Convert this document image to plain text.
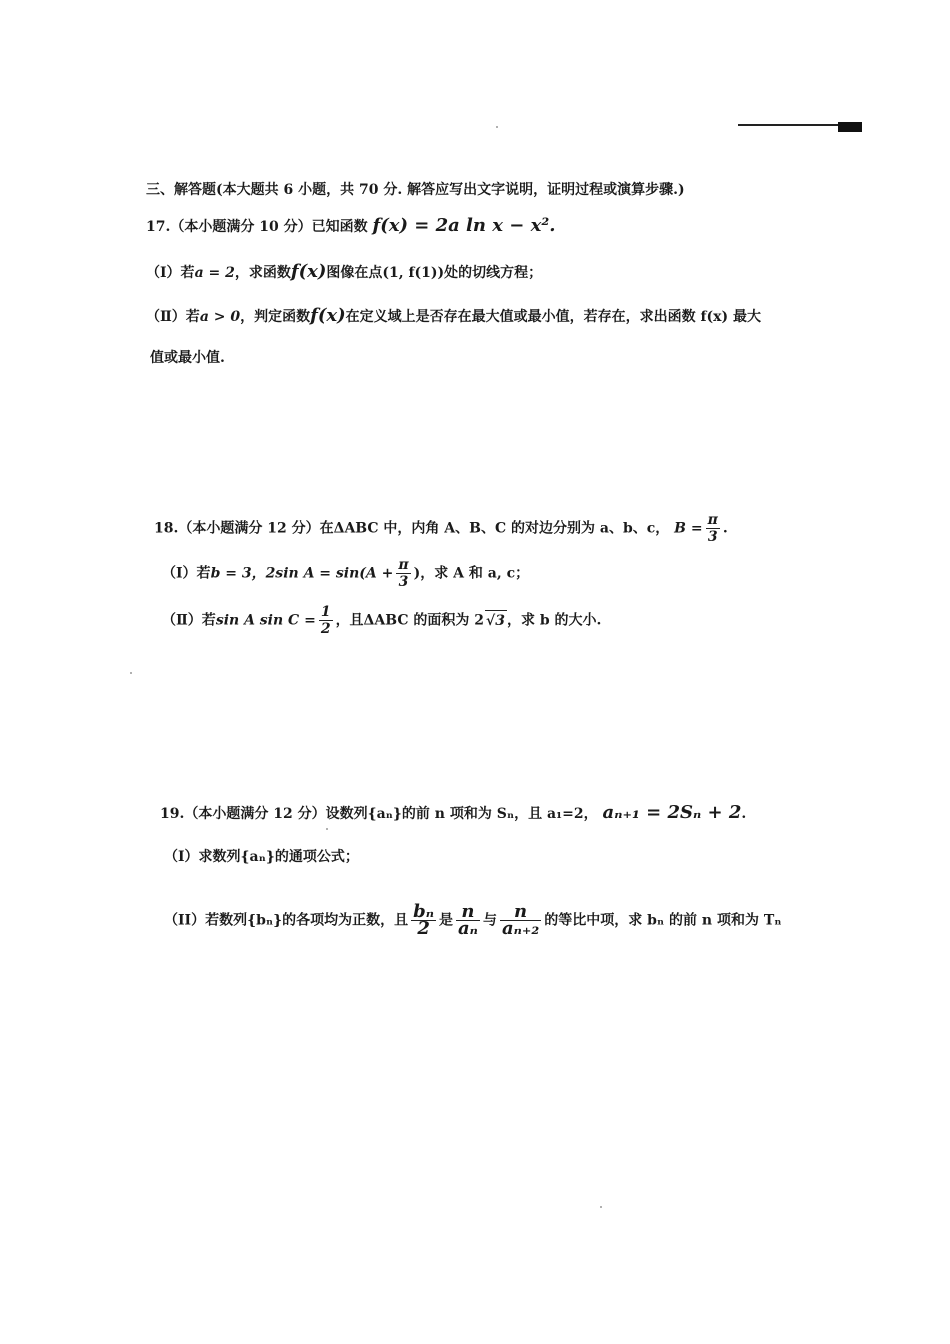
三、解答题(本大题共 6 小题，共 70 分. 解答应写出文字说明，证明过程或演算步骤.)
17.（本小题满分 10 分）已知函数 f(x) = 2a ln x − x².
（Ⅰ）若a = 2，求函数f(x)图像在点(1, f(1))处的切线方程；
（Ⅱ）若a > 0，判定函数f(x)在定义域上是否存在最大值或最小值，若存在，求出函数 f(x) 最大
值或最小值.
18.（本小题满分 12 分）在ΔABC 中，内角 A、B、C 的对边分别为 a、b、c， $B = \frac{\pi}{3}$ .
（Ⅰ）若b = 3，2sin $A = \sin(A + \frac{\pi}{3}$ )，求 A 和 a, c；
（Ⅱ）若sin A $\sin C = \frac{1}{2}$ ，且ΔABC 的面积为 2 √3 ，求 b 的大小.
19.（本小题满分 12 分）设数列{aₙ}的前 n 项和为 Sₙ，且 a₁=2， aₙ₊₁ = 2Sₙ + 2.
（I）求数列{aₙ}的通项公式；
（II）若数列{bₙ}的各项均为正数，且 $\frac{\text{bₙ}}{2}$ 是 $\frac{n}{\text{aₙ}}$ 与 $\frac{n}{\text{aₙ₊₂}}$ 的等比中项，求 bₙ 的前 n 项和为 Tₙ
